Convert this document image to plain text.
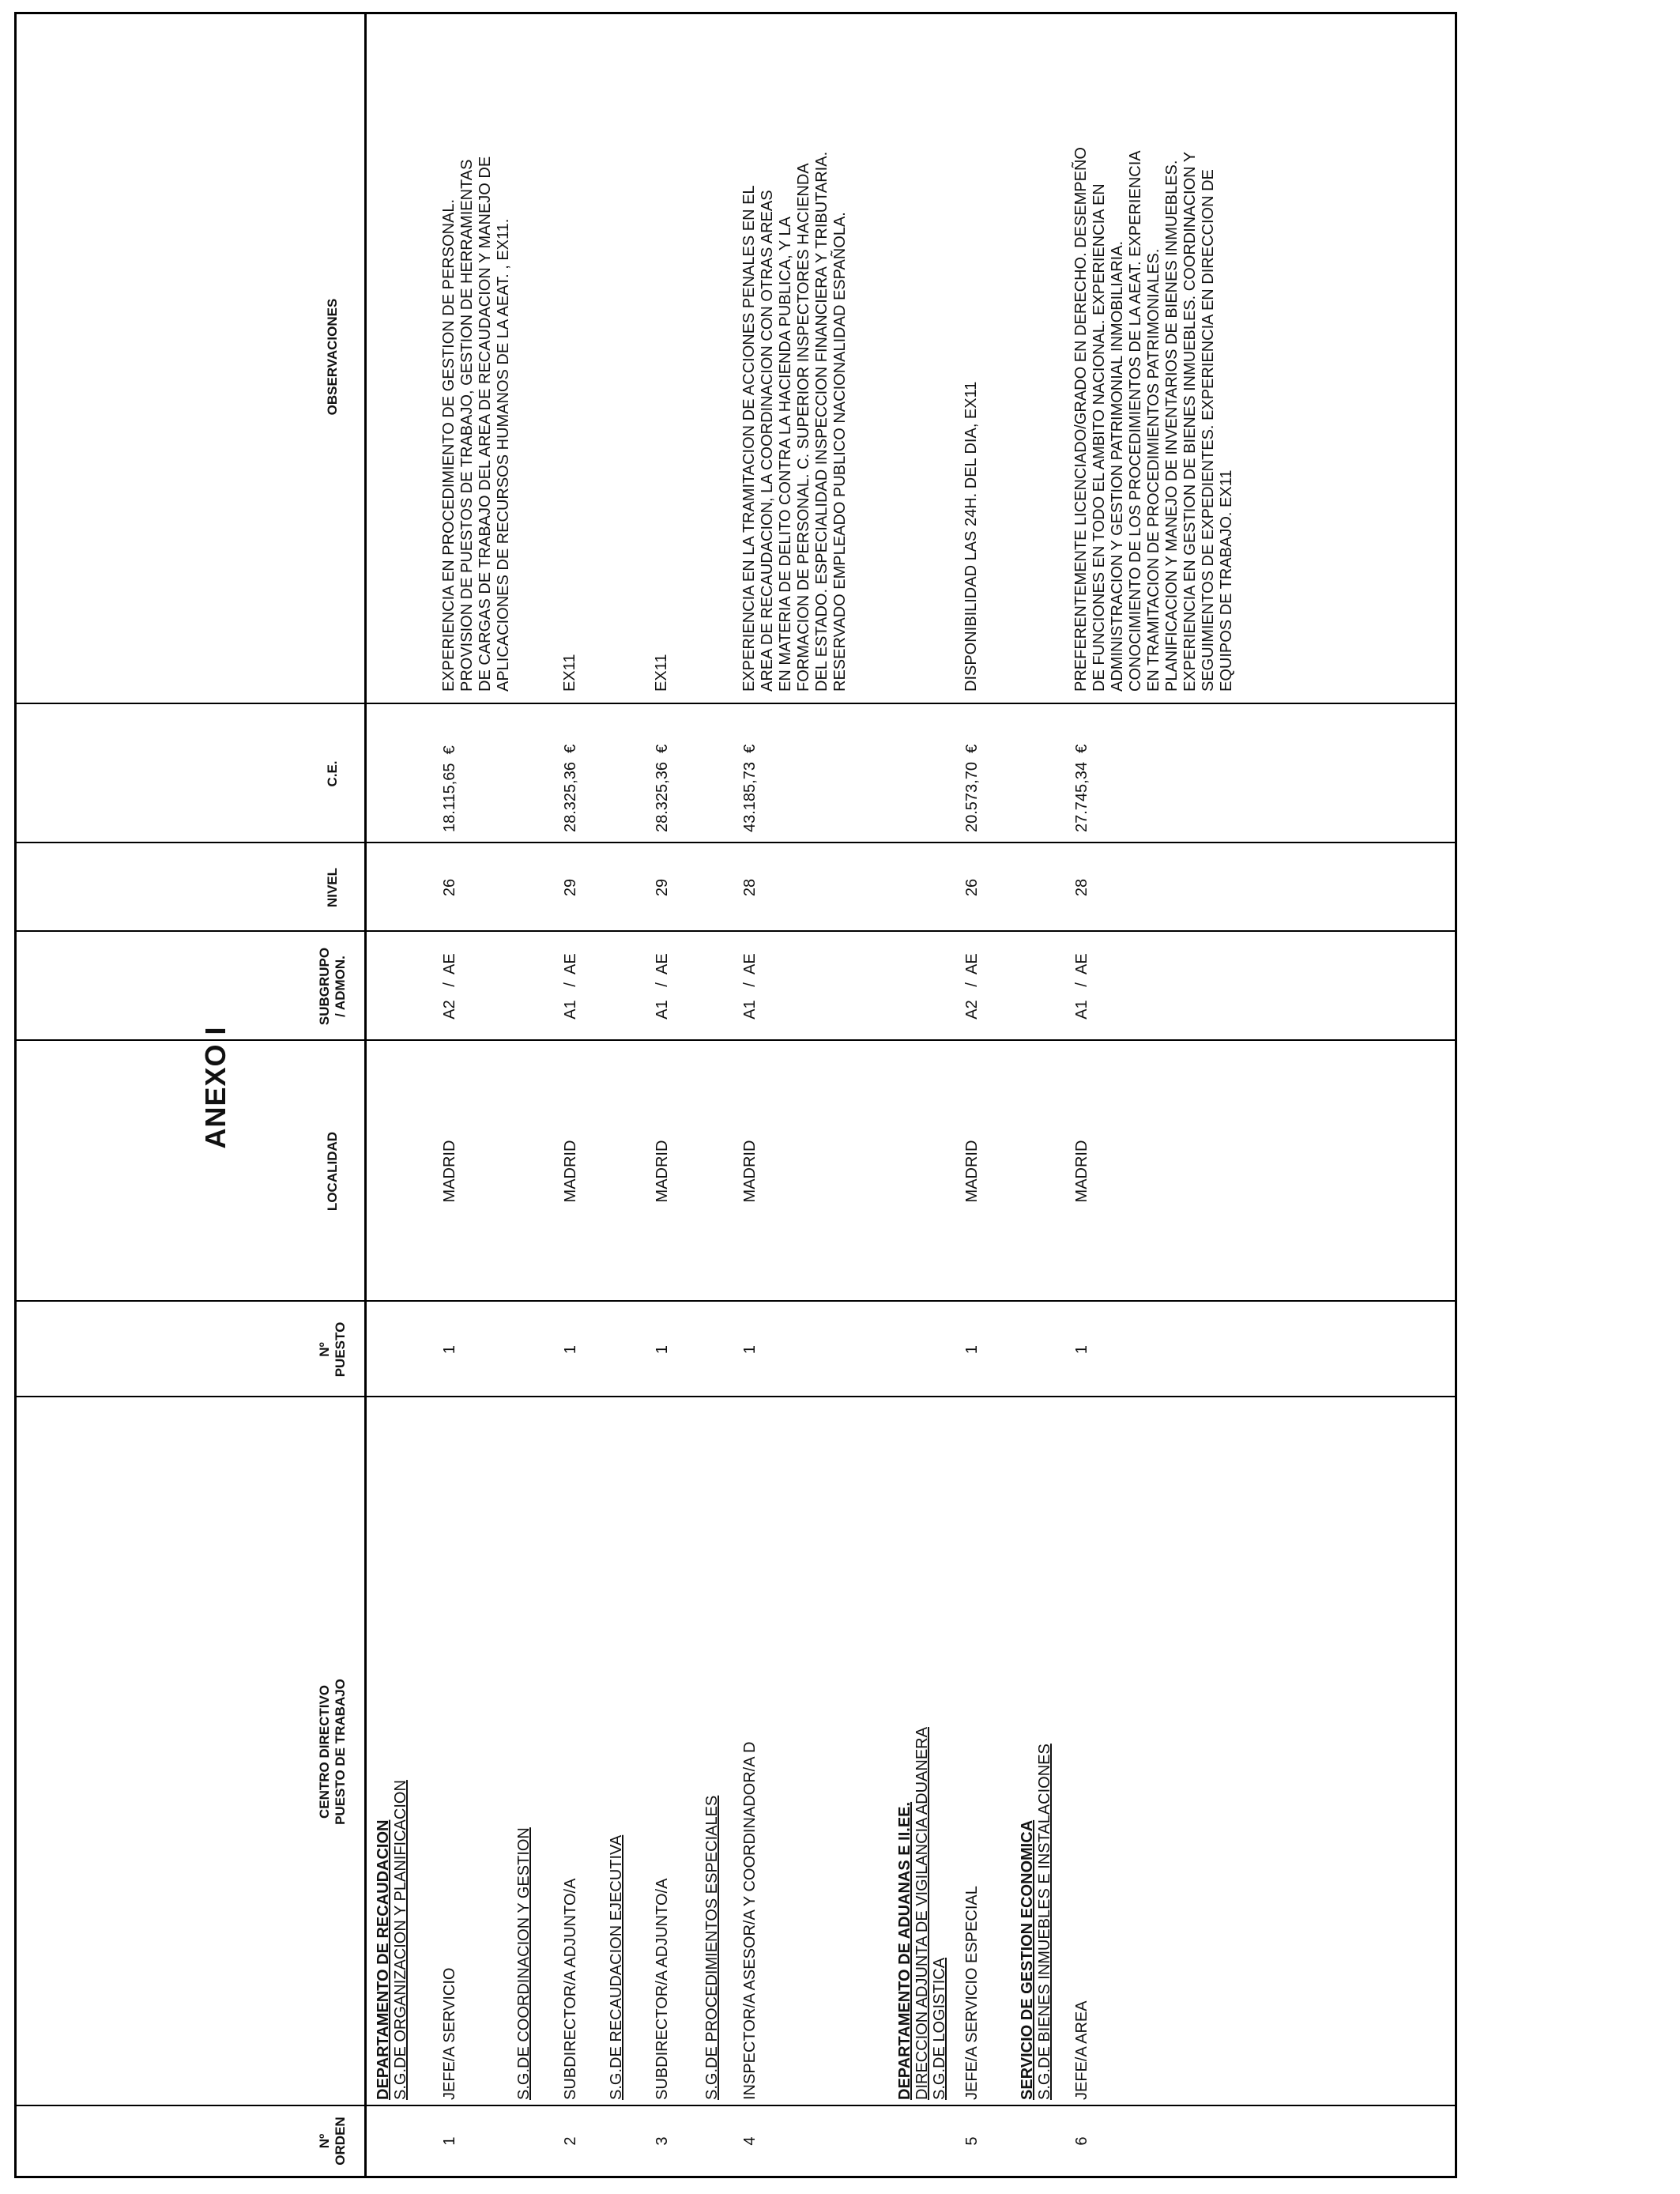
ANEXO I
Nº ORDEN
CENTRO DIRECTIVO PUESTO DE TRABAJO
Nº PUESTO
LOCALIDAD
SUBGRUPO / ADMON.
NIVEL
C.E.
OBSERVACIONES
DEPARTAMENTO DE RECAUDACION S.G.DE ORGANIZACION Y PLANIFICACION
1
JEFE/A SERVICIO
1
MADRID
A2   /  AE
26
18.115,65  €
EXPERIENCIA EN PROCEDIMIENTO DE GESTION DE PERSONAL. PROVISION DE PUESTOS DE TRABAJO, GESTION DE HERRAMIENTAS DE CARGAS DE TRABAJO DEL AREA DE RECAUDACION Y MANEJO DE APLICACIONES DE RECURSOS HUMANOS DE LA AEAT. , EX11.
S.G.DE COORDINACION Y GESTION
2
SUBDIRECTOR/A ADJUNTO/A
1
MADRID
A1   /  AE
29
28.325,36  €
EX11
S.G.DE RECAUDACION EJECUTIVA
3
SUBDIRECTOR/A ADJUNTO/A
1
MADRID
A1   /  AE
29
28.325,36  €
EX11
S.G.DE PROCEDIMIENTOS ESPECIALES
4
INSPECTOR/A ASESOR/A Y COORDINADOR/A D
1
MADRID
A1   /  AE
28
43.185,73  €
EXPERIENCIA EN LA TRAMITACION DE ACCIONES PENALES EN EL AREA DE RECAUDACION, LA COORDINACION CON OTRAS AREAS EN MATERIA DE DELITO CONTRA LA HACIENDA PUBLICA, Y LA FORMACION DE PERSONAL. C. SUPERIOR INSPECTORES HACIENDA DEL ESTADO. ESPECIALIDAD INSPECCION FINANCIERA Y TRIBUTARIA. RESERVADO EMPLEADO PUBLICO NACIONALIDAD ESPAÑOLA.
DEPARTAMENTO DE ADUANAS E II.EE. DIRECCION ADJUNTA DE VIGILANCIA ADUANERA S.G.DE LOGISTICA
5
JEFE/A SERVICIO ESPECIAL
1
MADRID
A2   /  AE
26
20.573,70  €
DISPONIBILIDAD LAS 24H. DEL DIA, EX11
SERVICIO DE GESTION ECONOMICA S.G.DE BIENES INMUEBLES E INSTALACIONES
6
JEFE/A AREA
1
MADRID
A1   /  AE
28
27.745,34  €
PREFERENTEMENTE LICENCIADO/GRADO EN DERECHO. DESEMPEÑO DE FUNCIONES EN TODO EL AMBITO NACIONAL. EXPERIENCIA EN ADMINISTRACION Y GESTION PATRIMONIAL INMOBILIARIA. CONOCIMIENTO DE LOS PROCEDIMIENTOS DE LA AEAT. EXPERIENCIA EN TRAMITACION DE PROCEDIMIENTOS PATRIMONIALES. PLANIFICACION Y MANEJO DE INVENTARIOS DE BIENES INMUEBLES. EXPERIENCIA EN GESTION DE BIENES INMUEBLES. COORDINACION Y SEGUIMIENTOS DE EXPEDIENTES. EXPERIENCIA EN DIRECCION DE EQUIPOS DE TRABAJO. EX11
